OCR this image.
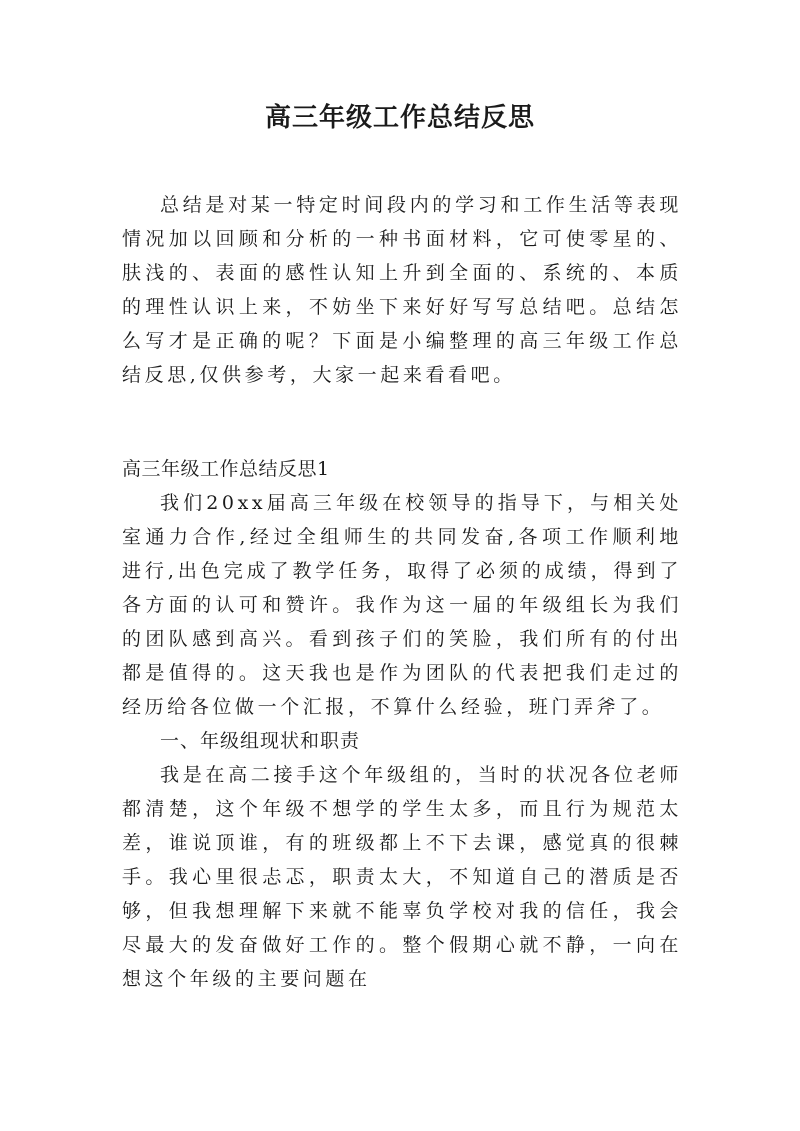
高三年级工作总结反思

总结是对某一特定时间段内的学习和工作生活等表现情况加以回顾和分析的一种书面材料，它可使零星的、肤浅的、表面的感性认知上升到全面的、系统的、本质的理性认识上来，不妨坐下来好好写写总结吧。总结怎么写才是正确的呢？下面是小编整理的高三年级工作总结反思,仅供参考，大家一起来看看吧。

高三年级工作总结反思1

我们20xx届高三年级在校领导的指导下，与相关处室通力合作,经过全组师生的共同发奋,各项工作顺利地进行,出色完成了教学任务，取得了必须的成绩，得到了各方面的认可和赞许。我作为这一届的年级组长为我们的团队感到高兴。看到孩子们的笑脸，我们所有的付出都是值得的。这天我也是作为团队的代表把我们走过的经历给各位做一个汇报，不算什么经验，班门弄斧了。

一、年级组现状和职责

我是在高二接手这个年级组的，当时的状况各位老师都清楚，这个年级不想学的学生太多，而且行为规范太差，谁说顶谁，有的班级都上不下去课，感觉真的很棘手。我心里很忐忑，职责太大，不知道自己的潜质是否够，但我想理解下来就不能辜负学校对我的信任，我会尽最大的发奋做好工作的。整个假期心就不静，一向在想这个年级的主要问题在
